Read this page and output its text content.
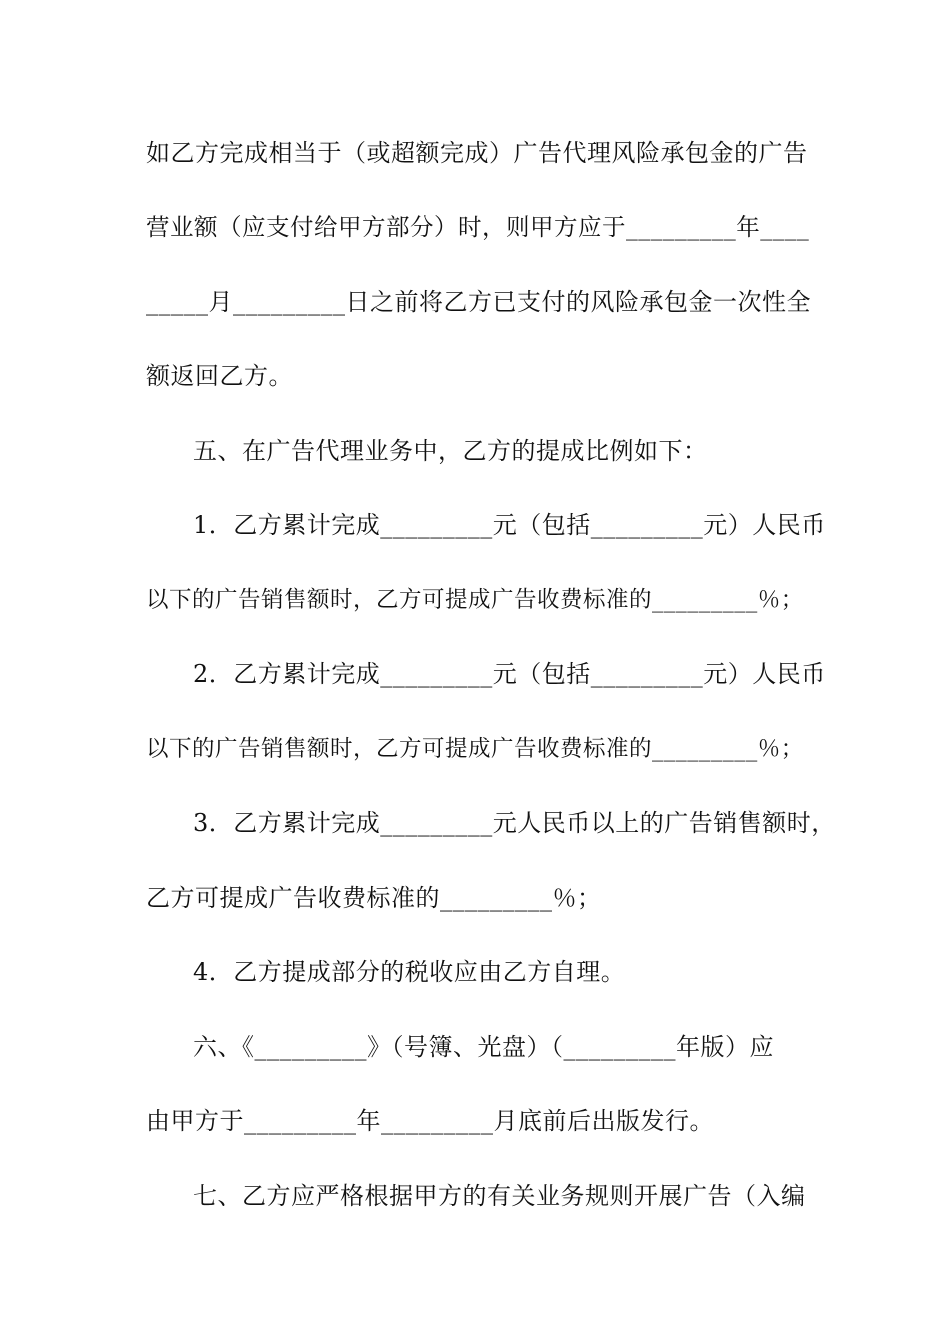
如乙方完成相当于（或超额完成）广告代理风险承包金的广告
营业额（应支付给甲方部分）时，则甲方应于_________年____
_____月_________日之前将乙方已支付的风险承包金一次性全
额返回乙方。
五、在广告代理业务中，乙方的提成比例如下：
1．乙方累计完成_________元（包括_________元）人民币
以下的广告销售额时，乙方可提成广告收费标准的_________％；
2．乙方累计完成_________元（包括_________元）人民币
以下的广告销售额时，乙方可提成广告收费标准的_________％；
3．乙方累计完成_________元人民币以上的广告销售额时，
乙方可提成广告收费标准的_________％；
4．乙方提成部分的税收应由乙方自理。
六、《_________》（号簿、光盘）（_________年版）应
由甲方于_________年_________月底前后出版发行。
七、乙方应严格根据甲方的有关业务规则开展广告（入编
